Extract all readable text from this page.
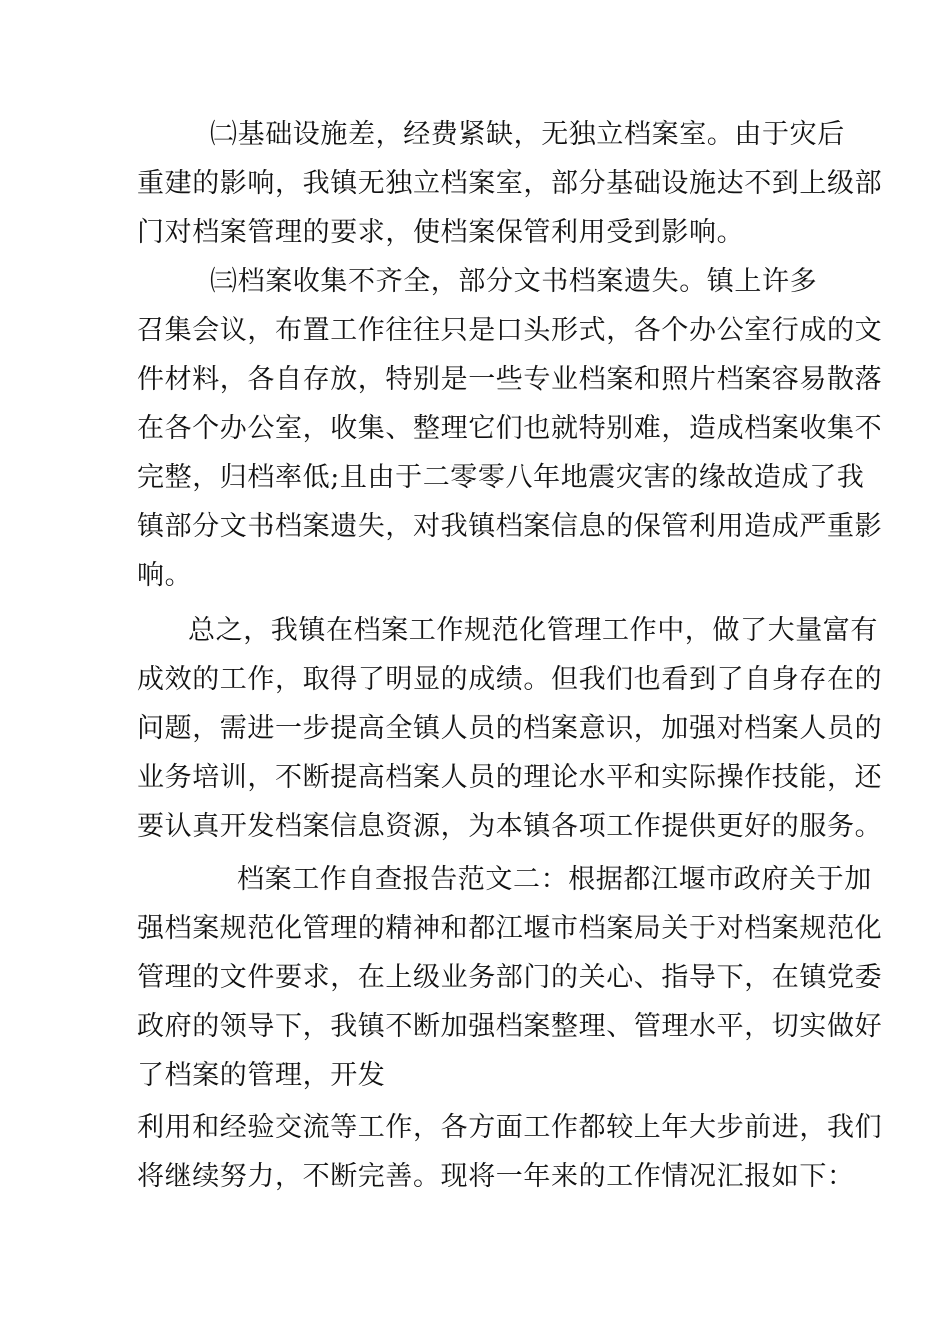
㈡基础设施差，经费紧缺，无独立档案室。由于灾后
重建的影响，我镇无独立档案室，部分基础设施达不到上级部
门对档案管理的要求，使档案保管利用受到影响。
㈢档案收集不齐全，部分文书档案遗失。镇上许多
召集会议，布置工作往往只是口头形式，各个办公室行成的文
件材料，各自存放，特别是一些专业档案和照片档案容易散落
在各个办公室，收集、整理它们也就特别难，造成档案收集不
完整，归档率低;且由于二零零八年地震灾害的缘故造成了我
镇部分文书档案遗失，对我镇档案信息的保管利用造成严重影
响。
总之，我镇在档案工作规范化管理工作中，做了大量富有
成效的工作，取得了明显的成绩。但我们也看到了自身存在的
问题，需进一步提高全镇人员的档案意识，加强对档案人员的
业务培训，不断提高档案人员的理论水平和实际操作技能，还
要认真开发档案信息资源，为本镇各项工作提供更好的服务。
档案工作自查报告范文二：根据都江堰市政府关于加
强档案规范化管理的精神和都江堰市档案局关于对档案规范化
管理的文件要求，在上级业务部门的关心、指导下，在镇党委
政府的领导下，我镇不断加强档案整理、管理水平，切实做好
了档案的管理，开发
利用和经验交流等工作，各方面工作都较上年大步前进，我们
将继续努力，不断完善。现将一年来的工作情况汇报如下：
